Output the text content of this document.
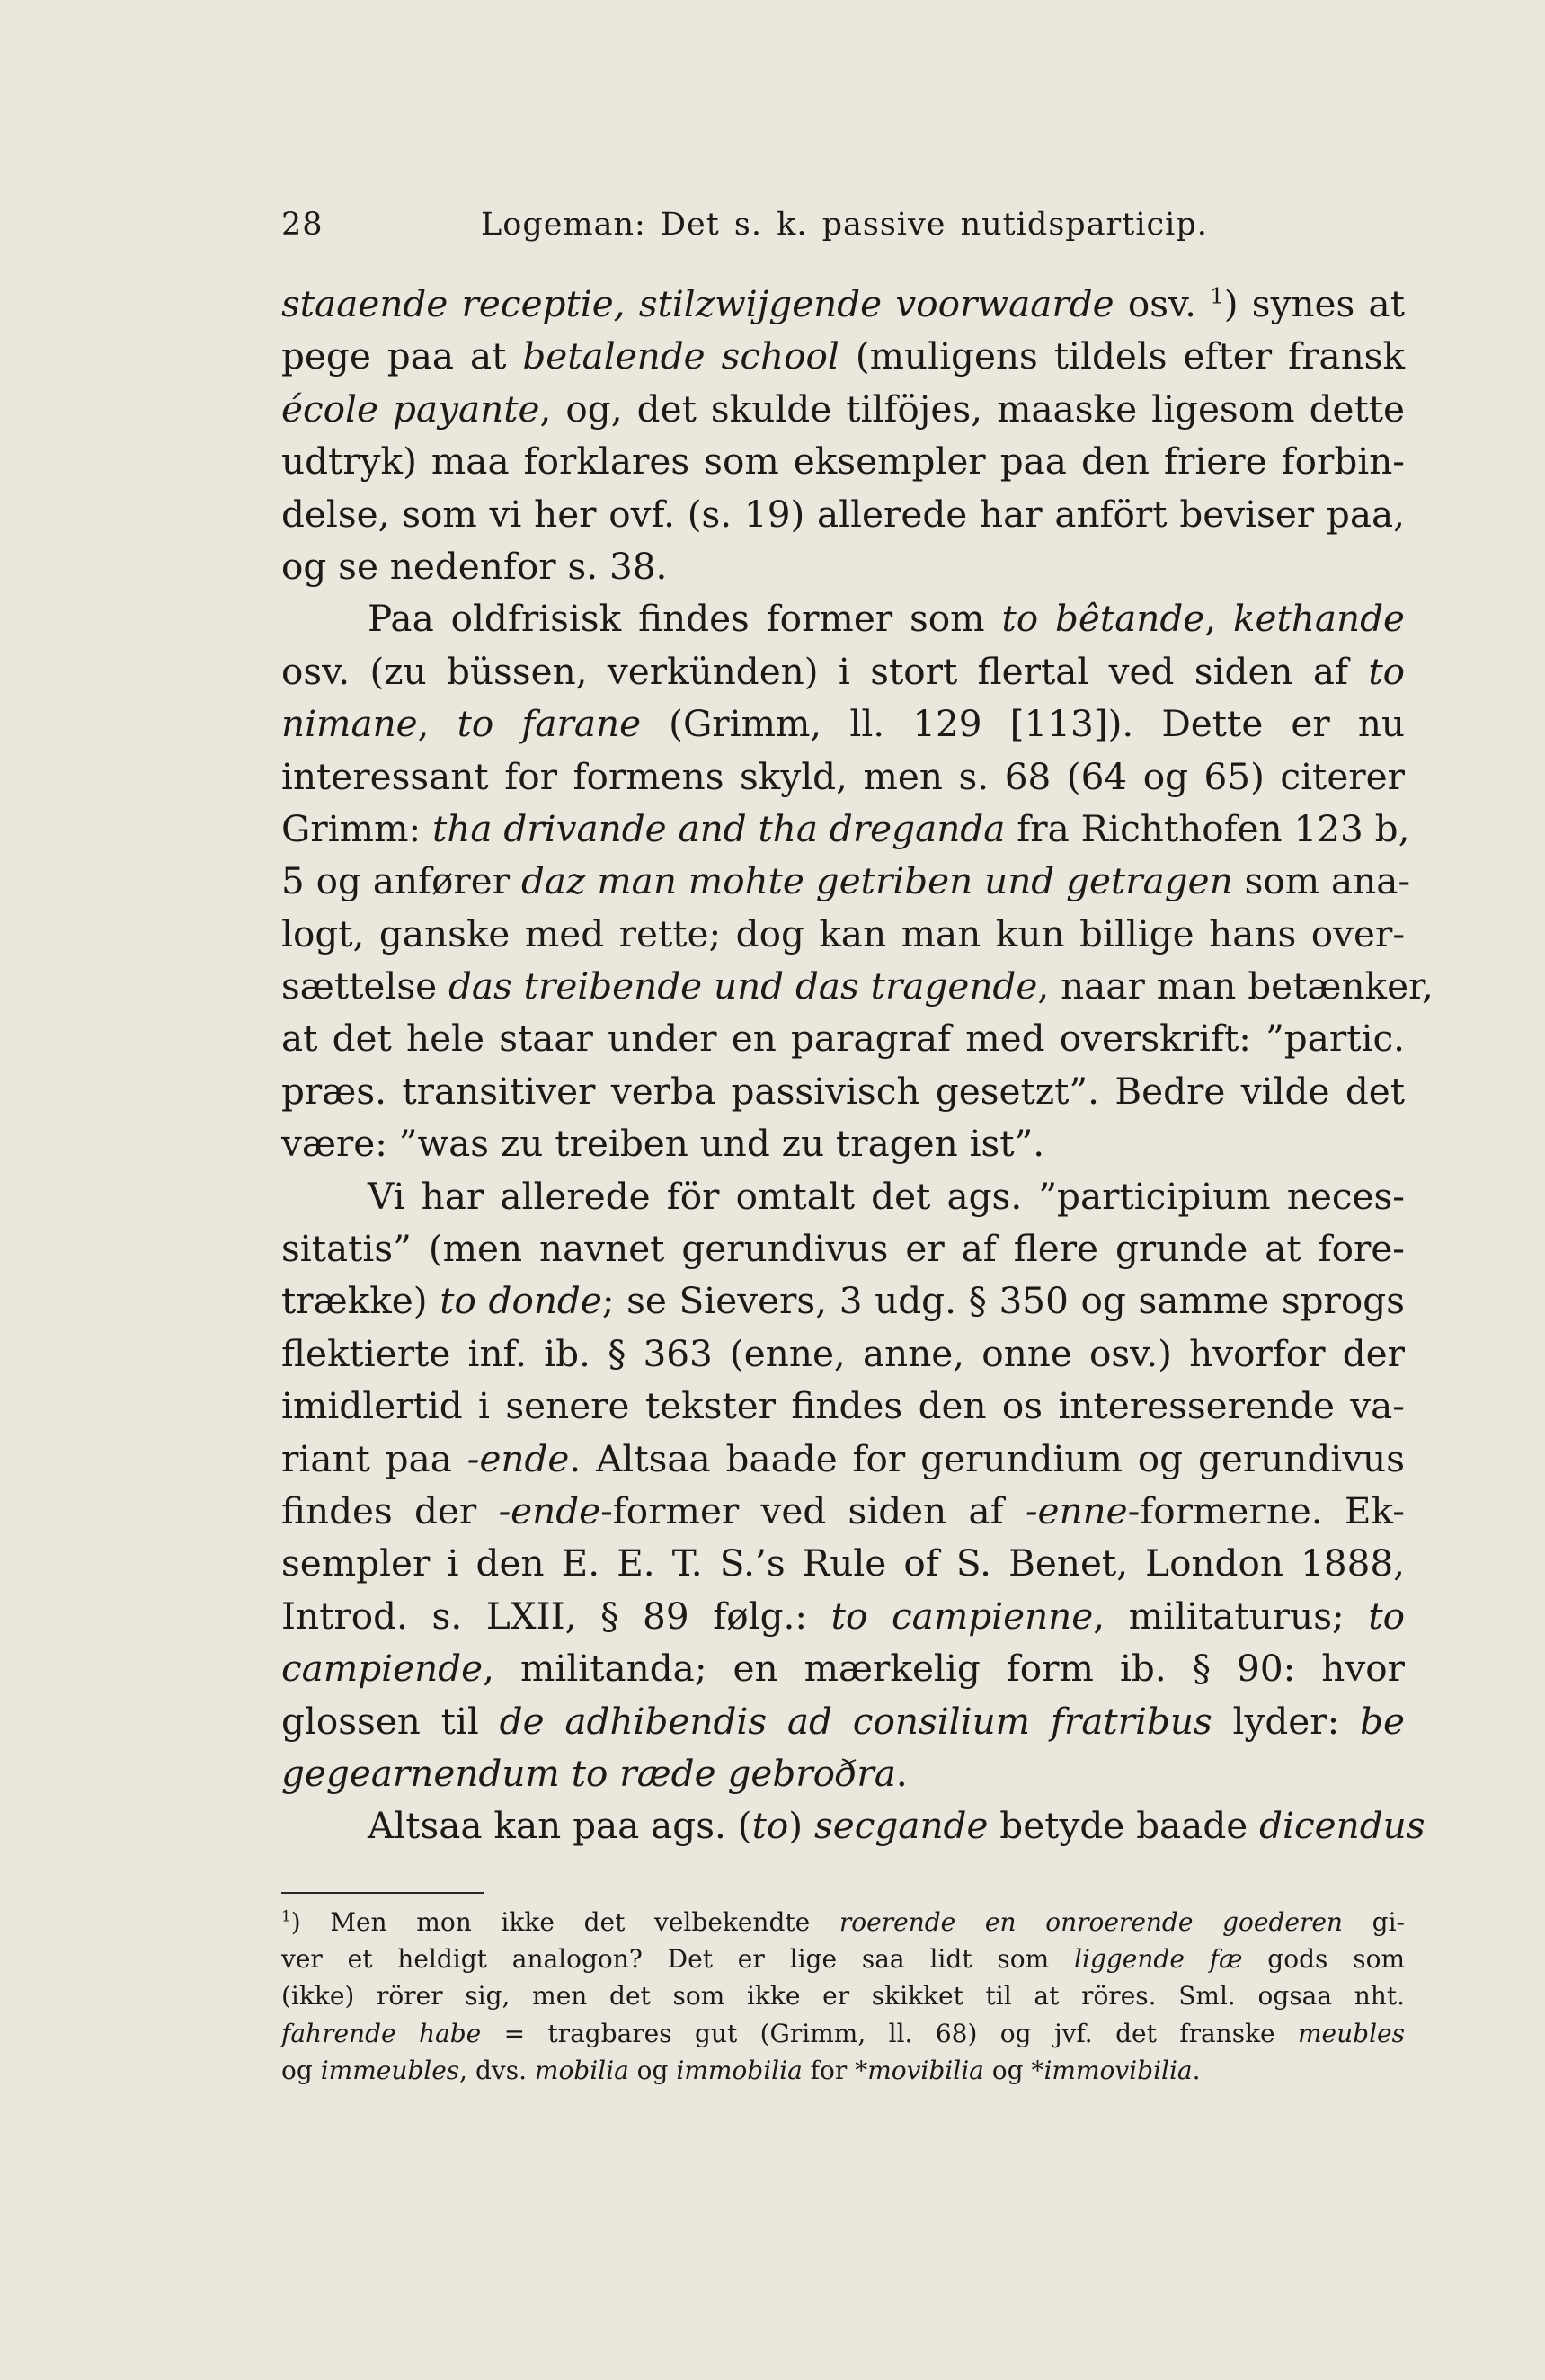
28	Logeman: Det s. k. passive nutidsparticip.
staaende receptie, stilzwijgende voorwaarde osv. $^1$) synes at
pege paa at betalende school (muligens tildels efter fransk
école payante, og, det skulde tilföjes, maaske ligesom dette
udtryk) maa forklares som eksempler paa den friere forbin-
delse, som vi her ovf. (s. 19) allerede har anfört beviser paa,
og se nedenfor s. 38.
Paa oldfrisisk findes former som to bêtande, kethande
osv. (zu büssen, verkünden) i stort flertal ved siden af to
nimane, to farane (Grimm, ll. 129 [113]). Dette er nu
interessant for formens skyld, men s. 68 (64 og 65) citerer
Grimm: tha drivande and tha dreganda fra Richthofen 123 b,
5 og anfører daz man mohte getriben und getragen som ana-
logt, ganske med rette; dog kan man kun billige hans over-
sættelse das treibende und das tragende, naar man betænker,
at det hele staar under en paragraf med overskrift: ”partic.
præs. transitiver verba passivisch gesetzt”. Bedre vilde det
være: ”was zu treiben und zu tragen ist”.
Vi har allerede för omtalt det ags. ”participium neces-
sitatis” (men navnet gerundivus er af flere grunde at fore-
trække) to donde; se Sievers, 3 udg. § 350 og samme sprogs
flektierte inf. ib. § 363 (enne, anne, onne osv.) hvorfor der
imidlertid i senere tekster findes den os interesserende va-
riant paa -ende. Altsaa baade for gerundium og gerundivus
findes der -ende-former ved siden af -enne-formerne. Ek-
sempler i den E. E. T. S.’s Rule of S. Benet, London 1888,
Introd. s. LXII, § 89 følg.: to campienne, militaturus; to
campiende, militanda; en mærkelig form ib. § 90: hvor
glossen til de adhibendis ad consilium fratribus lyder: be
gegearnendum to ræde gebroðra.
Altsaa kan paa ags. (to) secgande betyde baade dicendus
$^1$) Men mon ikke det velbekendte roerende en onroerende goederen gi-
ver et heldigt analogon? Det er lige saa lidt som liggende fæ gods som
(ikke) rörer sig, men det som ikke er skikket til at röres. Sml. ogsaa nht.
fahrende habe = tragbares gut (Grimm, ll. 68) og jvf. det franske meubles
og immeubles, dvs. mobilia og immobilia for *movibilia og *immovibilia.
